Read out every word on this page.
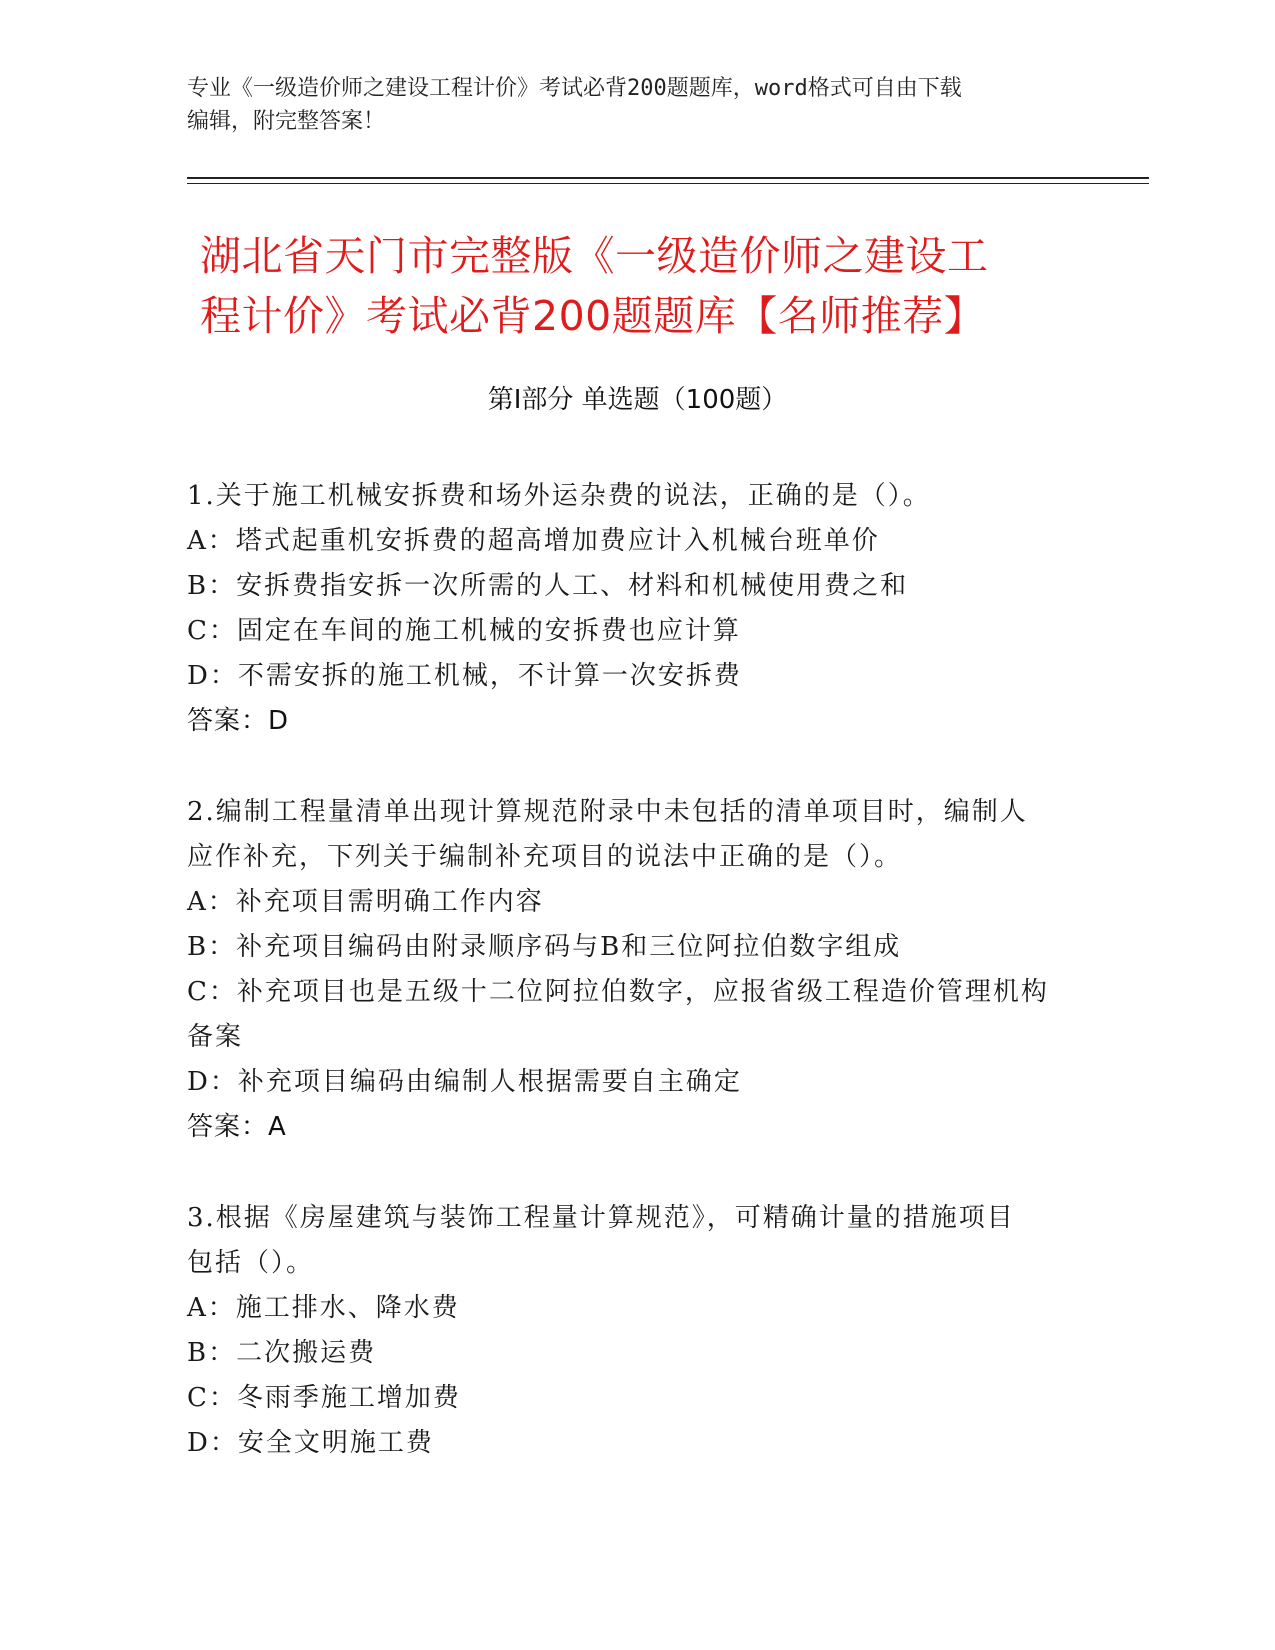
专业《一级造价师之建设工程计价》考试必背200题题库，word格式可自由下载
编辑，附完整答案！
湖北省天门市完整版《一级造价师之建设工
程计价》考试必背200题题库【名师推荐】
第Ⅰ部分 单选题（100题）
1.关于施工机械安拆费和场外运杂费的说法，正确的是（）。
A：塔式起重机安拆费的超高增加费应计入机械台班单价
B：安拆费指安拆一次所需的人工、材料和机械使用费之和
C：固定在车间的施工机械的安拆费也应计算
D：不需安拆的施工机械，不计算一次安拆费
答案：D
2.编制工程量清单出现计算规范附录中未包括的清单项目时，编制人
应作补充，下列关于编制补充项目的说法中正确的是（）。
A：补充项目需明确工作内容
B：补充项目编码由附录顺序码与B和三位阿拉伯数字组成
C：补充项目也是五级十二位阿拉伯数字，应报省级工程造价管理机构
备案
D：补充项目编码由编制人根据需要自主确定
答案：A
3.根据《房屋建筑与装饰工程量计算规范》，可精确计量的措施项目
包括（）。
A：施工排水、降水费
B：二次搬运费
C：冬雨季施工增加费
D：安全文明施工费
